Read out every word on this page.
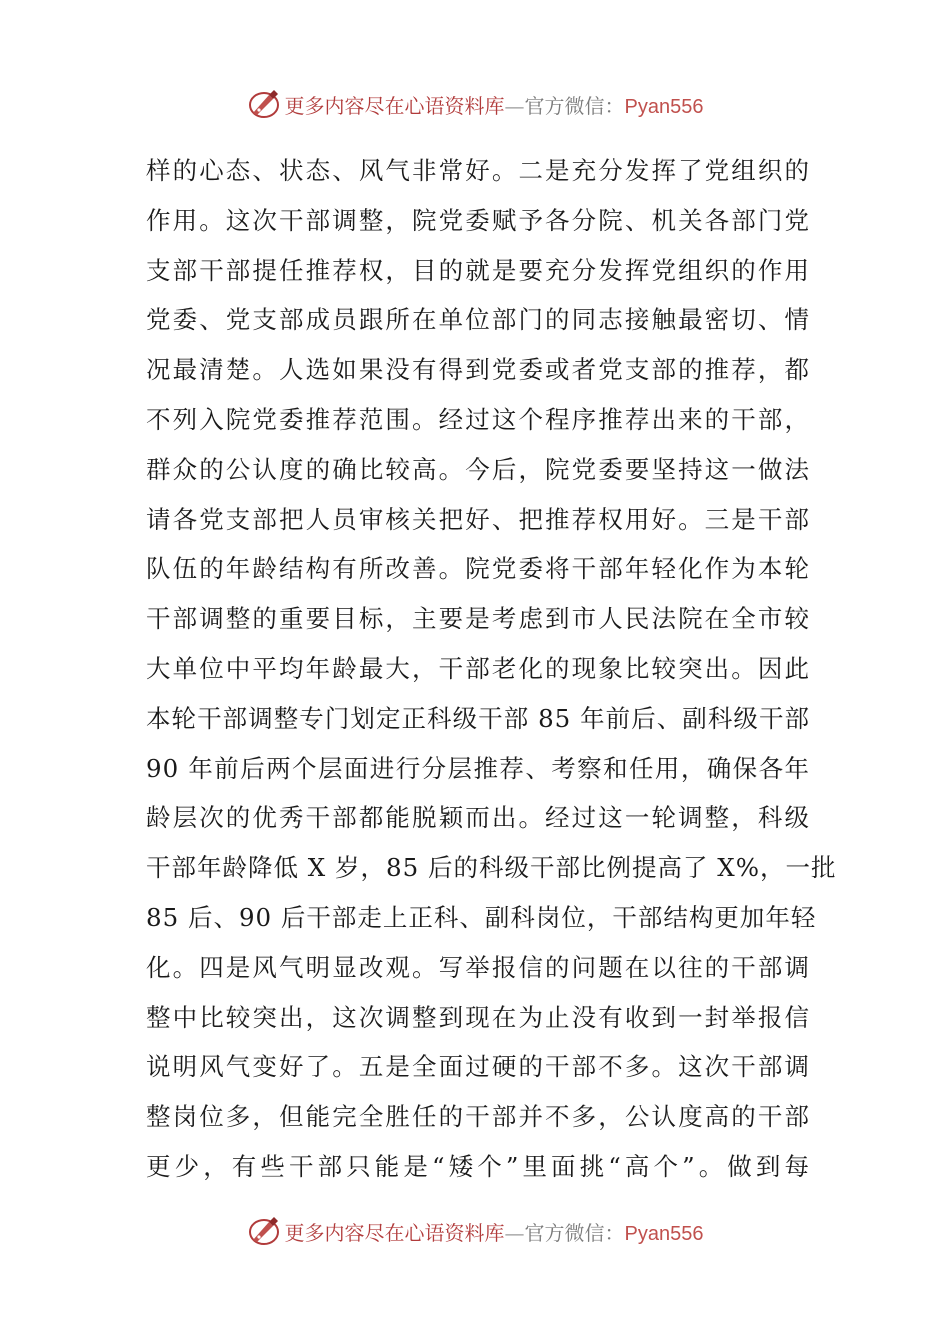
更多内容尽在心语资料库—官方微信：Pyan556
样的心态、状态、风气非常好。二是充分发挥了党组织的
作用。这次干部调整，院党委赋予各分院、机关各部门党
支部干部提任推荐权，目的就是要充分发挥党组织的作用
党委、党支部成员跟所在单位部门的同志接触最密切、情
况最清楚。人选如果没有得到党委或者党支部的推荐，都
不列入院党委推荐范围。经过这个程序推荐出来的干部，
群众的公认度的确比较高。今后，院党委要坚持这一做法
请各党支部把人员审核关把好、把推荐权用好。三是干部
队伍的年龄结构有所改善。院党委将干部年轻化作为本轮
干部调整的重要目标，主要是考虑到市人民法院在全市较
大单位中平均年龄最大，干部老化的现象比较突出。因此
本轮干部调整专门划定正科级干部 85 年前后、副科级干部
90 年前后两个层面进行分层推荐、考察和任用，确保各年
龄层次的优秀干部都能脱颖而出。经过这一轮调整，科级
干部年龄降低 X 岁，85 后的科级干部比例提高了 X%，一批
85 后、90 后干部走上正科、副科岗位，干部结构更加年轻
化。四是风气明显改观。写举报信的问题在以往的干部调
整中比较突出，这次调整到现在为止没有收到一封举报信
说明风气变好了。五是全面过硬的干部不多。这次干部调
整岗位多，但能完全胜任的干部并不多，公认度高的干部
更少，有些干部只能是“矮个”里面挑“高个”。做到每
更多内容尽在心语资料库—官方微信：Pyan556
